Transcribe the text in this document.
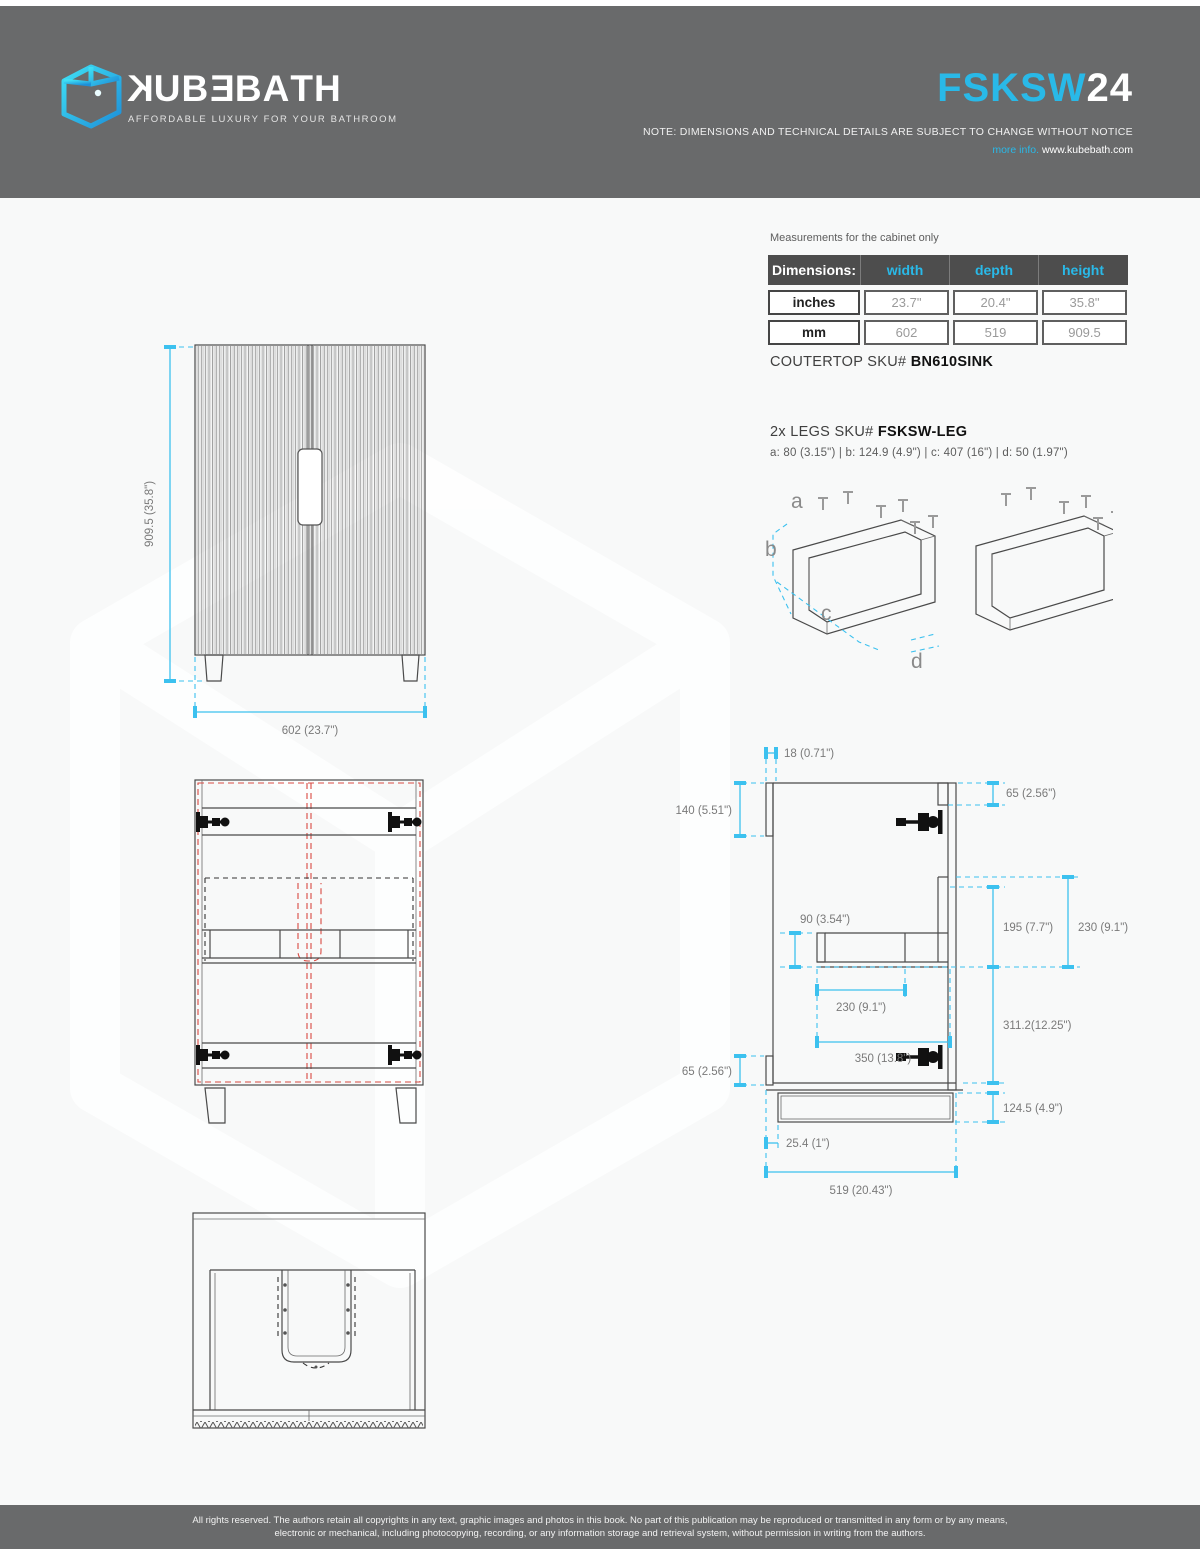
KUBEBATH
AFFORDABLE LUXURY FOR YOUR BATHROOM
FSKSW24
NOTE: DIMENSIONS AND TECHNICAL DETAILS ARE SUBJECT TO CHANGE WITHOUT NOTICE
more info. www.kubebath.com
Measurements for the cabinet only
Dimensions:	width	depth	height
inches	23.7"	20.4"	35.8"
mm	602	519	909.5
COUTERTOP SKU# BN610SINK
2x LEGS SKU# FSKSW-LEG
a: 80 (3.15") | b: 124.9 (4.9") | c: 407 (16") | d: 50 (1.97")
a
b
c
d
909.5 (35.8")
602 (23.7")
18 (0.71")
140 (5.51")
65 (2.56")
195 (7.7") 230 (9.1")
90 (3.54")
230 (9.1")
350 (13.8")
311.2(12.25")
65 (2.56")
124.5 (4.9")
25.4 (1")
519 (20.43")
All rights reserved. The authors retain all copyrights in any text, graphic images and photos in this book. No part of this publication may be reproduced or transmitted in any form or by any means,
electronic or mechanical, including photocopying, recording, or any information storage and retrieval system, without permission in writing from the authors.
